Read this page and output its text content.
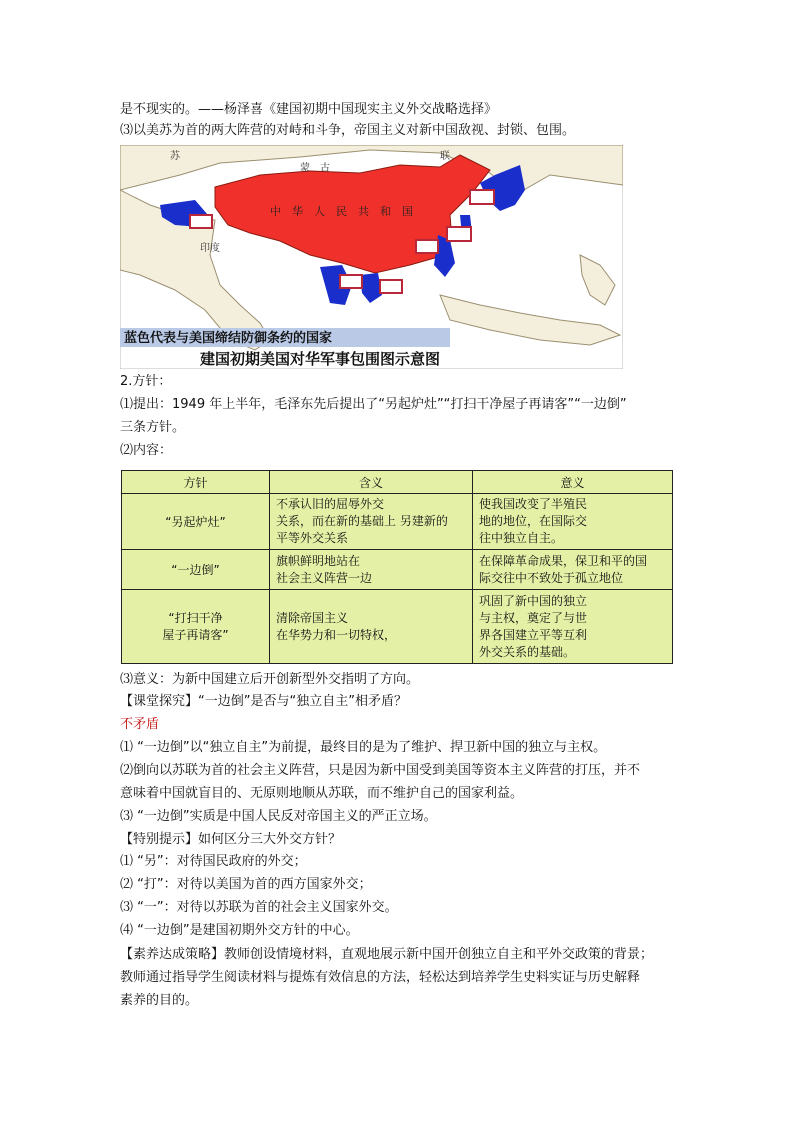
是不现实的。——杨泽喜《建国初期中国现实主义外交战略选择》
⑶以美苏为首的两大阵营的对峙和斗争，帝国主义对新中国敌视、封锁、包围。
苏	联
蒙　古
中　华　人　民　共　和　国
印度
蓝色代表与美国缔结防御条约的国家
建国初期美国对华军事包围图示意图
2.方针：
⑴提出：1949 年上半年，毛泽东先后提出了“另起炉灶”“打扫干净屋子再请客”“一边倒”
三条方针。
⑵内容：
方针	含义	意义
“另起炉灶”	不承认旧的屈辱外交
关系，而在新的基础上 另建新的
平等外交关系	使我国改变了半殖民
地的地位，在国际交
往中独立自主。

“一边倒”	旗帜鲜明地站在
社会主义阵营一边	在保障革命成果，保卫和平的国
际交往中不致处于孤立地位

“打扫干净
屋子再请客”	清除帝国主义
在华势力和一切特权，	巩固了新中国的独立
与主权，奠定了与世
界各国建立平等互利
外交关系的基础。
⑶意义：为新中国建立后开创新型外交指明了方向。
【课堂探究】“一边倒”是否与“独立自主”相矛盾？
不矛盾
⑴ “一边倒”以“独立自主”为前提，最终目的是为了维护、捍卫新中国的独立与主权。
⑵倒向以苏联为首的社会主义阵营，只是因为新中国受到美国等资本主义阵营的打压，并不
意味着中国就盲目的、无原则地顺从苏联，而不维护自己的国家利益。
⑶ “一边倒”实质是中国人民反对帝国主义的严正立场。
【特别提示】如何区分三大外交方针？
⑴ “另”：对待国民政府的外交；
⑵ “打”：对待以美国为首的西方国家外交；
⑶ “一”：对待以苏联为首的社会主义国家外交。
⑷ “一边倒”是建国初期外交方针的中心。
【素养达成策略】教师创设情境材料，直观地展示新中国开创独立自主和平外交政策的背景；
教师通过指导学生阅读材料与提炼有效信息的方法，轻松达到培养学生史料实证与历史解释
素养的目的。
